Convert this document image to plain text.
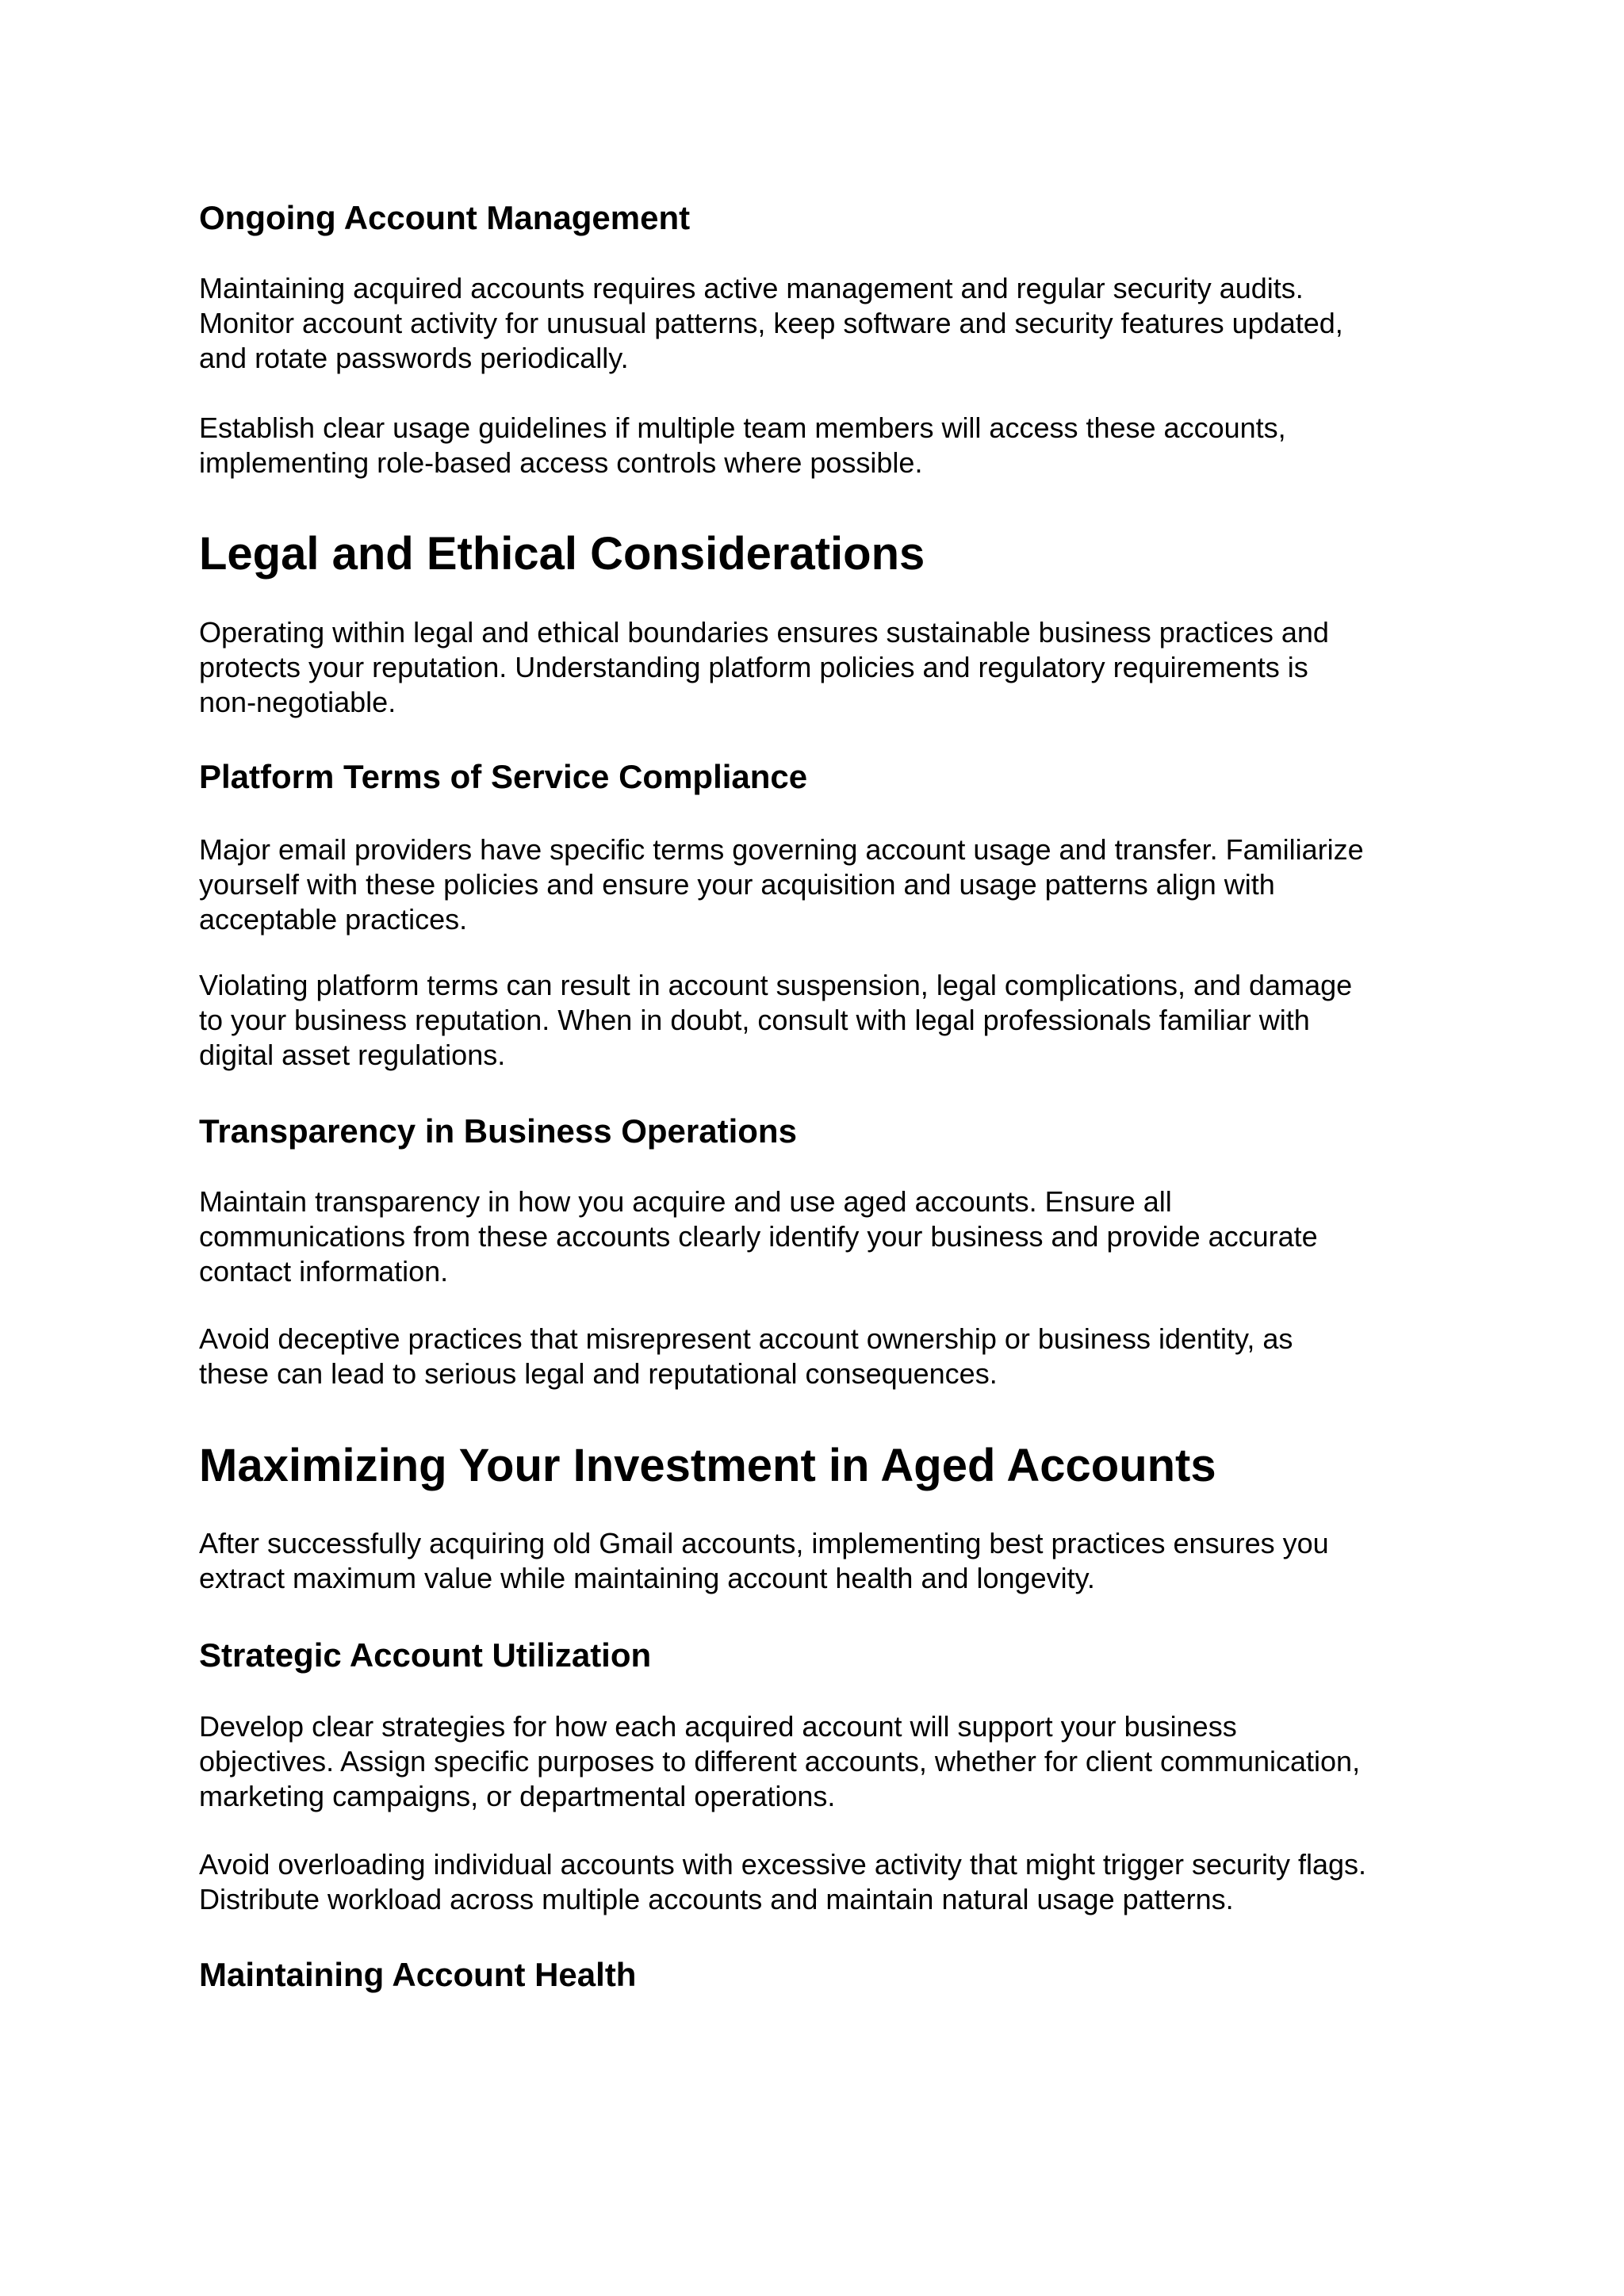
Ongoing Account Management

Maintaining acquired accounts requires active management and regular security audits.
Monitor account activity for unusual patterns, keep software and security features updated,
and rotate passwords periodically.

Establish clear usage guidelines if multiple team members will access these accounts,
implementing role-based access controls where possible.

Legal and Ethical Considerations

Operating within legal and ethical boundaries ensures sustainable business practices and
protects your reputation. Understanding platform policies and regulatory requirements is
non-negotiable.

Platform Terms of Service Compliance

Major email providers have specific terms governing account usage and transfer. Familiarize
yourself with these policies and ensure your acquisition and usage patterns align with
acceptable practices.

Violating platform terms can result in account suspension, legal complications, and damage
to your business reputation. When in doubt, consult with legal professionals familiar with
digital asset regulations.

Transparency in Business Operations

Maintain transparency in how you acquire and use aged accounts. Ensure all
communications from these accounts clearly identify your business and provide accurate
contact information.

Avoid deceptive practices that misrepresent account ownership or business identity, as
these can lead to serious legal and reputational consequences.

Maximizing Your Investment in Aged Accounts

After successfully acquiring old Gmail accounts, implementing best practices ensures you
extract maximum value while maintaining account health and longevity.

Strategic Account Utilization

Develop clear strategies for how each acquired account will support your business
objectives. Assign specific purposes to different accounts, whether for client communication,
marketing campaigns, or departmental operations.

Avoid overloading individual accounts with excessive activity that might trigger security flags.
Distribute workload across multiple accounts and maintain natural usage patterns.

Maintaining Account Health
